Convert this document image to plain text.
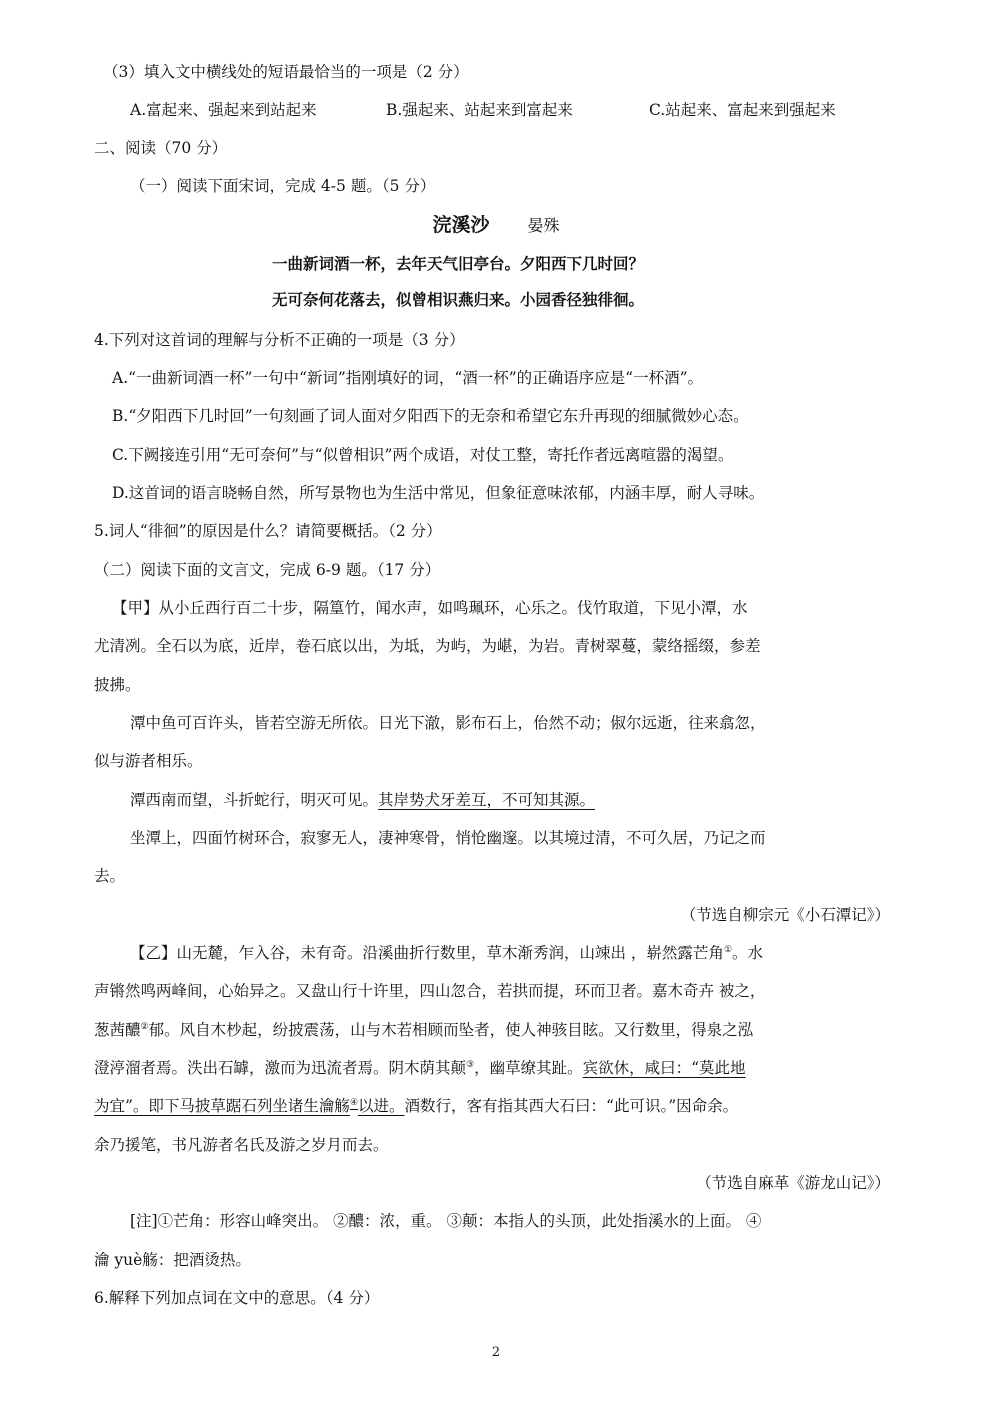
（3）填入文中横线处的短语最恰当的一项是（2 分）
A.富起来、强起来到站起来	B.强起来、站起来到富起来	C.站起来、富起来到强起来
二、阅读（70 分）
（一）阅读下面宋词，完成 4-5 题。（5 分）
浣溪沙 晏殊
一曲新词酒一杯，去年天气旧亭台。夕阳西下几时回？
无可奈何花落去，似曾相识燕归来。小园香径独徘徊。
4.下列对这首词的理解与分析不正确的一项是（3 分）
A.“一曲新词酒一杯”一句中“新词”指刚填好的词，“酒一杯”的正确语序应是“一杯酒”。
B.“夕阳西下几时回”一句刻画了词人面对夕阳西下的无奈和希望它东升再现的细腻微妙心态。
C.下阙接连引用“无可奈何”与“似曾相识”两个成语，对仗工整，寄托作者远离喧嚣的渴望。
D.这首词的语言晓畅自然，所写景物也为生活中常见，但象征意味浓郁，内涵丰厚，耐人寻味。
5.词人“徘徊”的原因是什么？请简要概括。（2 分）
（二）阅读下面的文言文，完成 6-9 题。（17 分）
【甲】从小丘西行百二十步，隔篁竹，闻水声，如鸣珮环，心乐之。伐竹取道，下见小潭，水
尤清冽。全石以为底，近岸，卷石底以出，为坻，为屿，为嵁，为岩。青树翠蔓，蒙络摇缀，参差
披拂。
潭中鱼可百许头，皆若空游无所依。日光下澈，影布石上，佁然不动；俶尔远逝，往来翕忽，
似与游者相乐。
潭西南而望，斗折蛇行，明灭可见。其岸势犬牙差互，不可知其源。
坐潭上，四面竹树环合，寂寥无人，凄神寒骨，悄怆幽邃。以其境过清，不可久居，乃记之而
去。
（节选自柳宗元《小石潭记》）
【乙】山无麓，乍入谷，未有奇。沿溪曲折行数里，草木渐秀润，山竦出 ，崭然露芒角①。水
声锵然鸣两峰间，心始异之。又盘山行十许里，四山忽合，若拱而提，环而卫者。嘉木奇卉 被之，
葱茜醲②郁。风自木杪起，纷披震荡，山与木若相顾而坠者，使人神骇目眩。又行数里，得泉之泓
澄渟溜者焉。泆出石罅，激而为迅流者焉。阴木荫其颠③，幽草缭其趾。宾欲休，咸曰：“莫此地
为宜”。即下马披草踞石列坐诸生瀹觞④以进。酒数行，客有指其西大石曰：“此可识。”因命余。
余乃援笔，书凡游者名氏及游之岁月而去。
（节选自麻革《游龙山记》）
[注]①芒角：形容山峰突出。 ②醲：浓，重。 ③颠：本指人的头顶，此处指溪水的上面。 ④
瀹 yuè觞：把酒烫热。
6.解释下列加点词在文中的意思。（4 分）
2
